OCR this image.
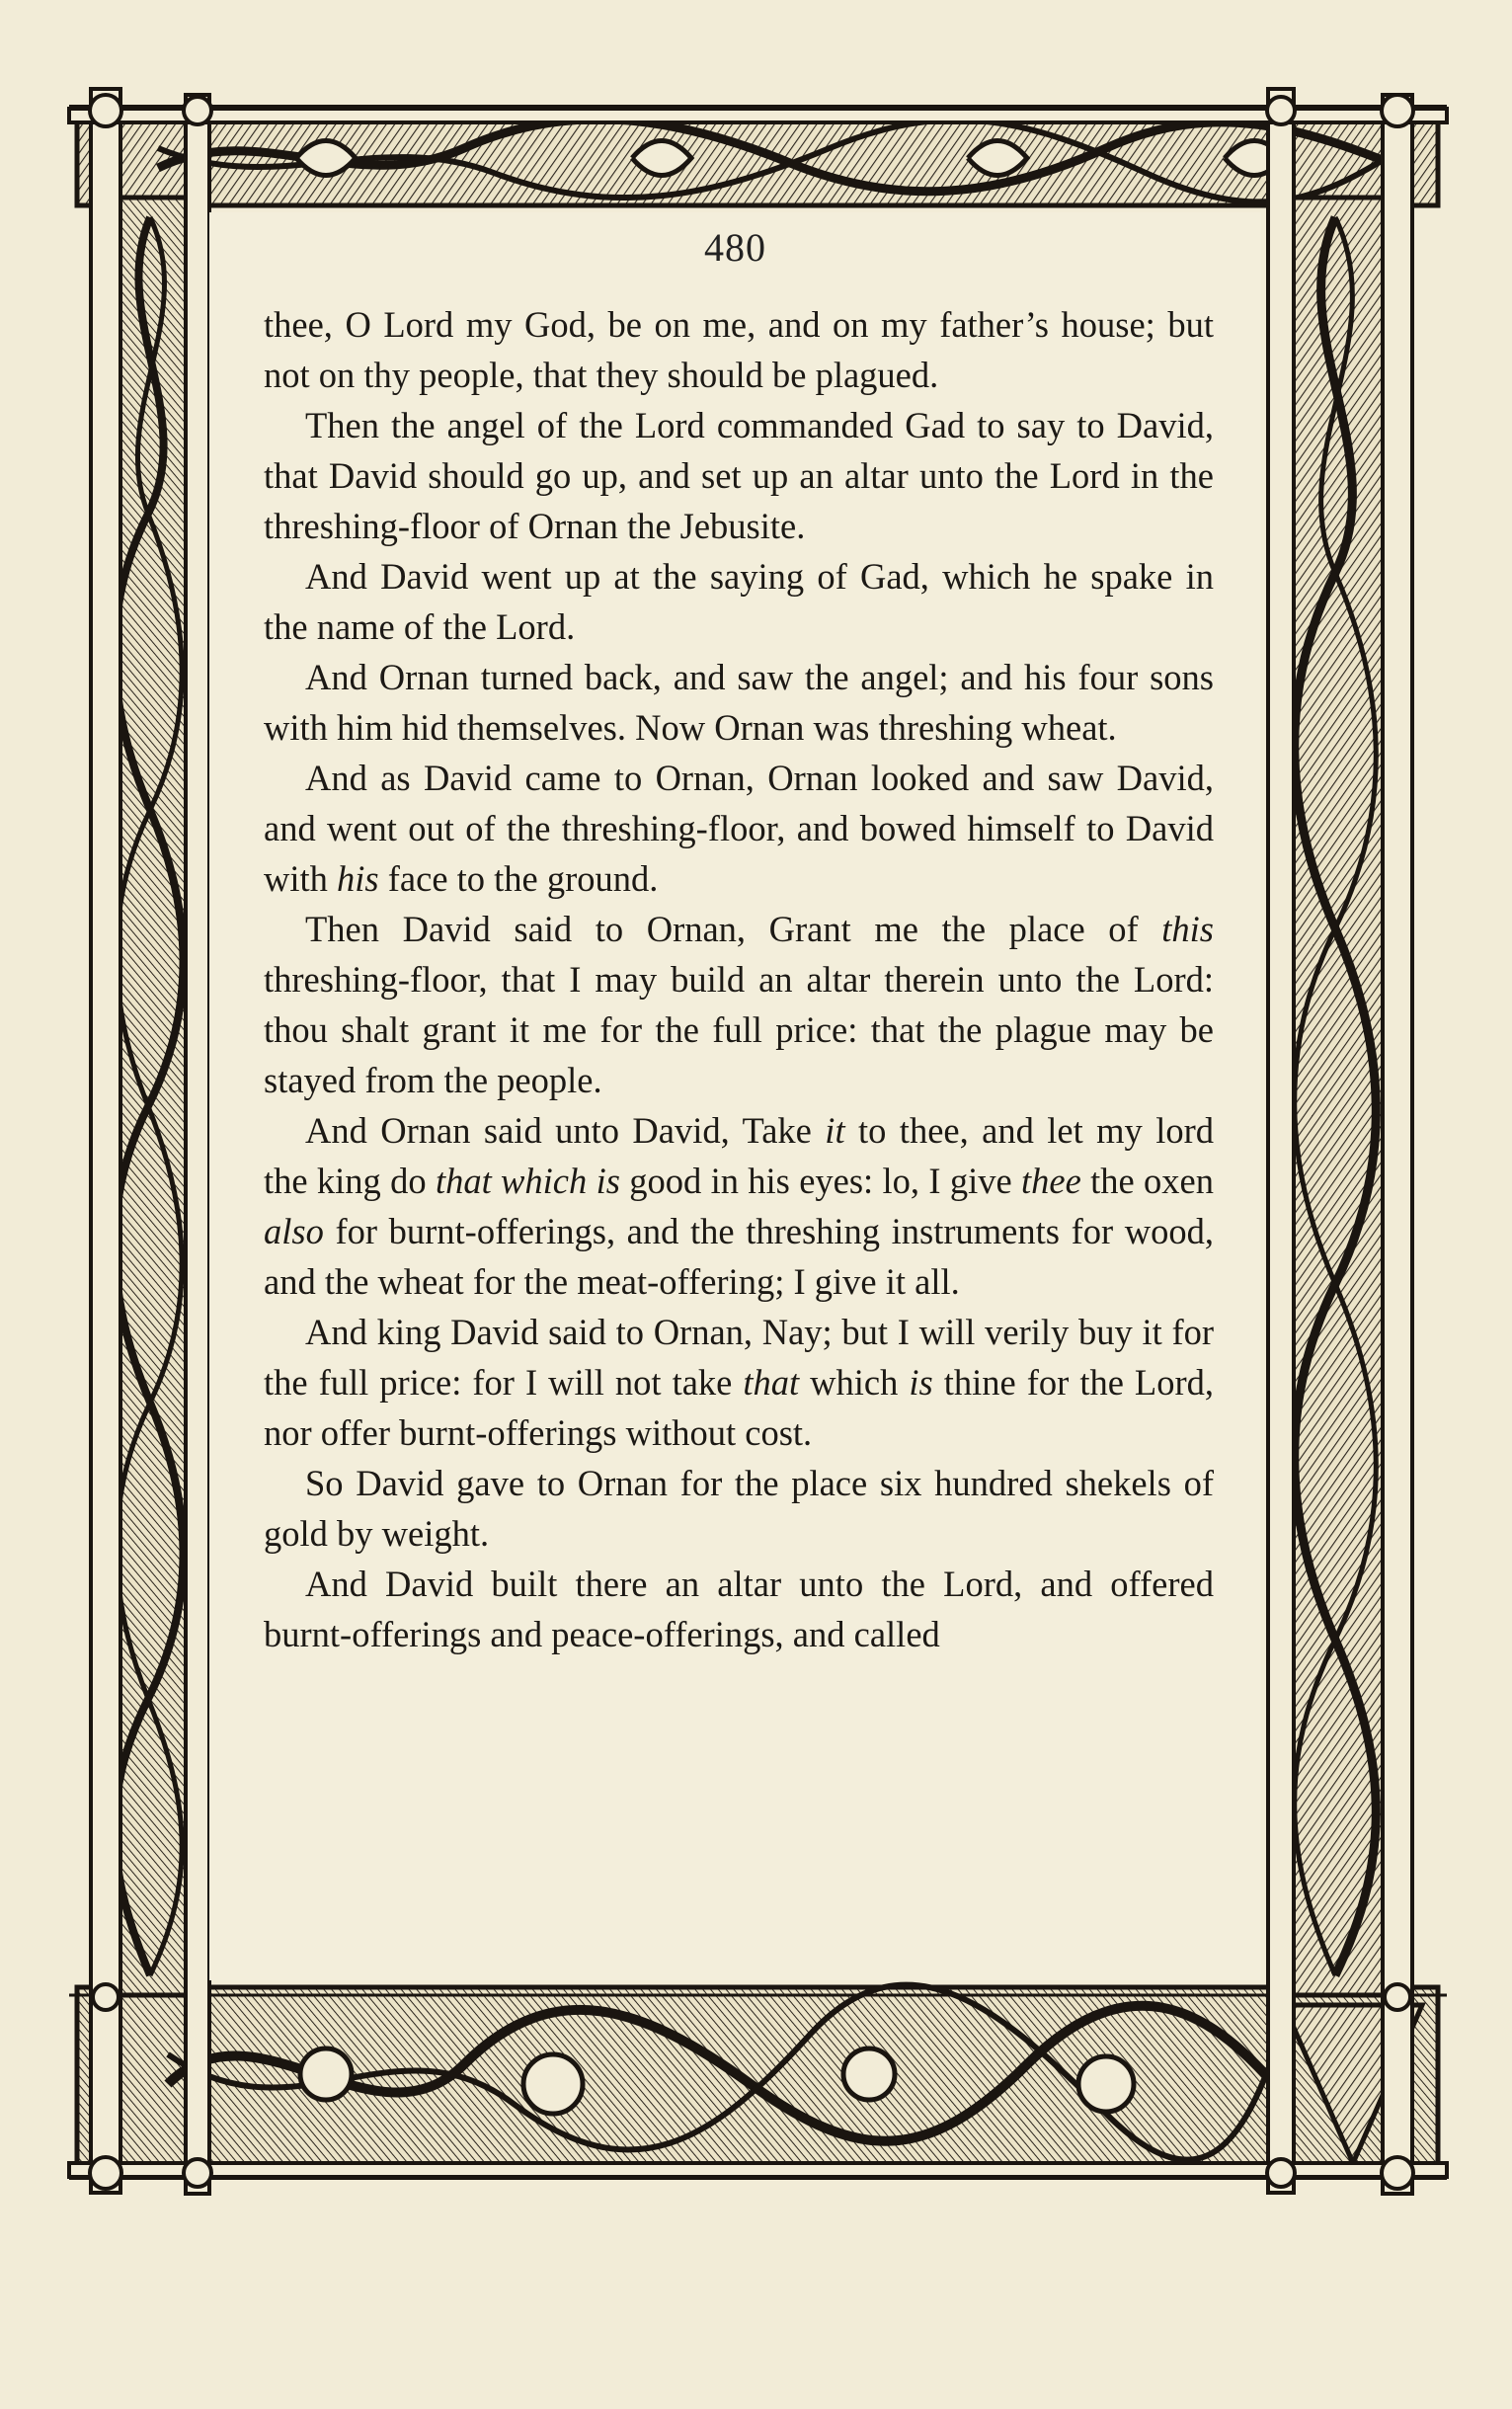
480

thee, O Lord my God, be on me, and on my father’s house; but not on thy people, that they should be plagued.

Then the angel of the Lord commanded Gad to say to David, that David should go up, and set up an altar unto the Lord in the threshing-floor of Ornan the Jebusite.

And David went up at the saying of Gad, which he spake in the name of the Lord.

And Ornan turned back, and saw the angel; and his four sons with him hid themselves. Now Ornan was threshing wheat.

And as David came to Ornan, Ornan looked and saw David, and went out of the threshing-floor, and bowed himself to David with his face to the ground.

Then David said to Ornan, Grant me the place of this threshing-floor, that I may build an altar therein unto the Lord: thou shalt grant it me for the full price: that the plague may be stayed from the people.

And Ornan said unto David, Take it to thee, and let my lord the king do that which is good in his eyes: lo, I give thee the oxen also for burnt-offerings, and the threshing instruments for wood, and the wheat for the meat-offering; I give it all.

And king David said to Ornan, Nay; but I will verily buy it for the full price: for I will not take that which is thine for the Lord, nor offer burnt-offerings without cost.

So David gave to Ornan for the place six hundred shekels of gold by weight.

And David built there an altar unto the Lord, and offered burnt-offerings and peace-offerings, and called
